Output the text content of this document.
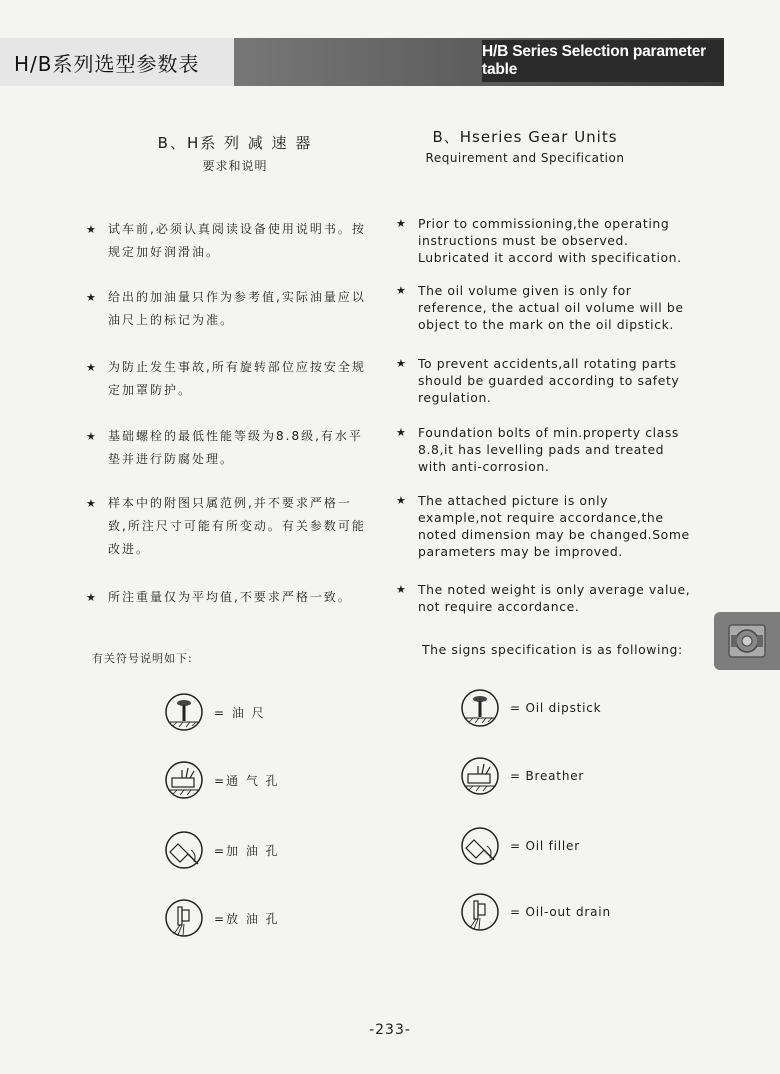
H/B系列选型参数表	H/B Series Selection parameter table
B、H系 列 减 速 器
要求和说明
★ 试车前,必须认真阅读设备使用说明书。按规定加好润滑油。
★ 给出的加油量只作为参考值,实际油量应以油尺上的标记为准。
★ 为防止发生事故,所有旋转部位应按安全规定加罩防护。
★ 基础螺栓的最低性能等级为8.8级,有水平垫并进行防腐处理。
★ 样本中的附图只属范例,并不要求严格一致,所注尺寸可能有所变动。有关参数可能改进。
★ 所注重量仅为平均值,不要求严格一致。
有关符号说明如下:
B、Hseries Gear Units
Requirement and Specification
★ Prior to commissioning,the operating instructions must be observed. Lubricated it accord with specification.
★ The oil volume given is only for reference, the actual oil volume will be object to the mark on the oil dipstick.
★ To prevent accidents,all rotating parts should be guarded according to safety regulation.
★ Foundation bolts of min.property class 8.8,it has levelling pads and treated with anti-corrosion.
★ The attached picture is only example,not require accordance,the noted dimension may be changed.Some parameters may be improved.
★ The noted weight is only average value, not require accordance.
The signs specification is as following:
= 油 尺
=通 气 孔
=加 油 孔
=放 油 孔
= Oil dipstick
= Breather
= Oil filler
= Oil-out drain
-233-
